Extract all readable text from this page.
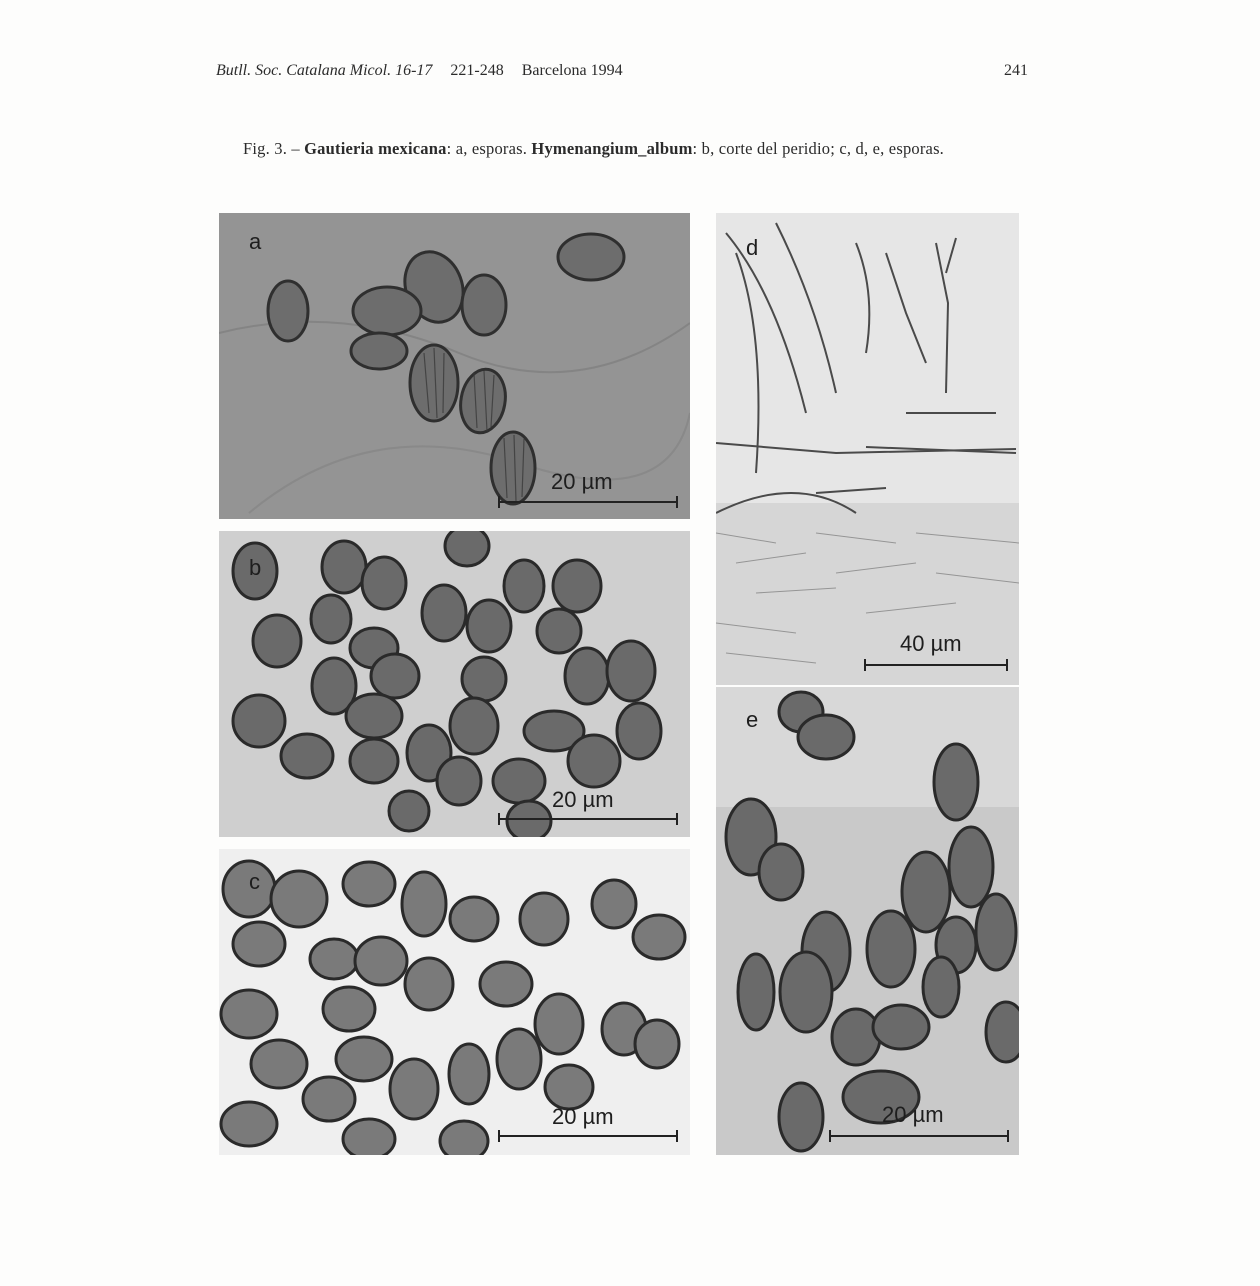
Butll. Soc. Catalana Micol. 16-17 221-248 Barcelona 1994	241
Fig. 3. – Gautieria mexicana: a, esporas. Hymenangium_album: b, corte del peridio; c, d, e, esporas.
a
20 µm
b
20 µm
c
20 µm
d
40 µm
e
20 µm
